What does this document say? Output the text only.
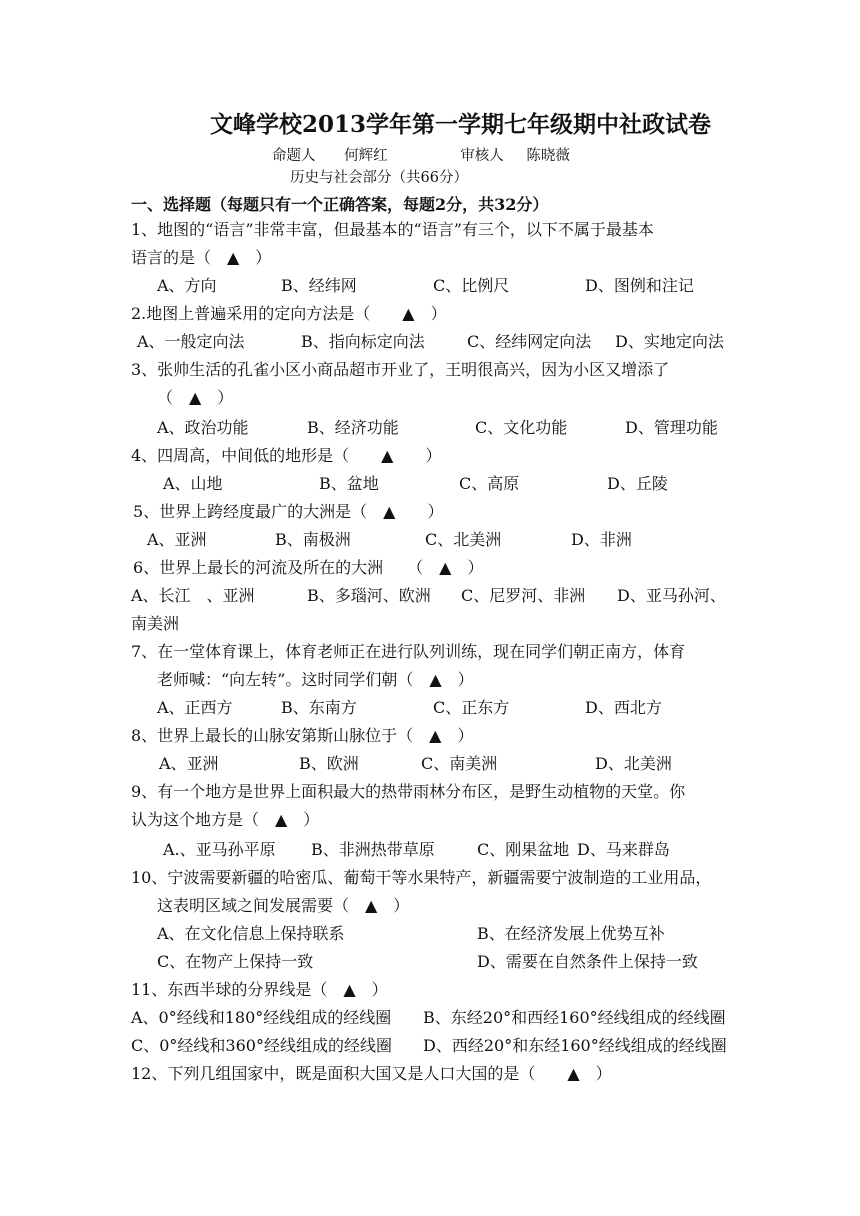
文峰学校2013学年第一学期七年级期中社政试卷
命题人 何辉红	审核人 陈晓薇
历史与社会部分（共66分）
一、选择题（每题只有一个正确答案，每题2分，共32分）
1、地图的“语言”非常丰富，但最基本的“语言”有三个，以下不属于最基本
语言的是（　▲　）
A、方向	B、经纬网	C、比例尺	D、图例和注记
2.地图上普遍采用的定向方法是（　　▲　）
A、一般定向法	B、指向标定向法	C、经纬网定向法 D、实地定向法
3、张帅生活的孔雀小区小商品超市开业了，王明很高兴，因为小区又增添了
（　▲　）
A、政治功能	B、经济功能	C、文化功能	D、管理功能
4、四周高，中间低的地形是（　　▲　　）
A、山地	B、盆地	C、高原	D、丘陵
5、世界上跨经度最广的大洲是（　▲　　）
A、亚洲	B、南极洲	C、北美洲	D、非洲
6、世界上最长的河流及所在的大洲　　（　▲　）
A、长江　、亚洲	B、多瑙河、欧洲 C、尼罗河、非洲 D、亚马孙河、
南美洲
7、在一堂体育课上，体育老师正在进行队列训练，现在同学们朝正南方，体育
老师喊：“向左转”。这时同学们朝（　▲　）
A、正西方	B、东南方	C、正东方	D、西北方
8、世界上最长的山脉安第斯山脉位于（　▲　）
A、亚洲	B、欧洲	C、南美洲	D、北美洲
9、有一个地方是世界上面积最大的热带雨林分布区，是野生动植物的天堂。你
认为这个地方是（　▲　）
A.、亚马孙平原 B、非洲热带草原	C、刚果盆地 D、马来群岛
10、宁波需要新疆的哈密瓜、葡萄干等水果特产，新疆需要宁波制造的工业用品，
这表明区域之间发展需要（　▲　）
A、在文化信息上保持联系	B、在经济发展上优势互补
C、在物产上保持一致	D、需要在自然条件上保持一致
11、东西半球的分界线是（　▲　）
A、0°经线和180°经线组成的经线圈 B、东经20°和西经160°经线组成的经线圈
C、0°经线和360°经线组成的经线圈 D、西经20°和东经160°经线组成的经线圈
12、下列几组国家中，既是面积大国又是人口大国的是（　　▲　）
